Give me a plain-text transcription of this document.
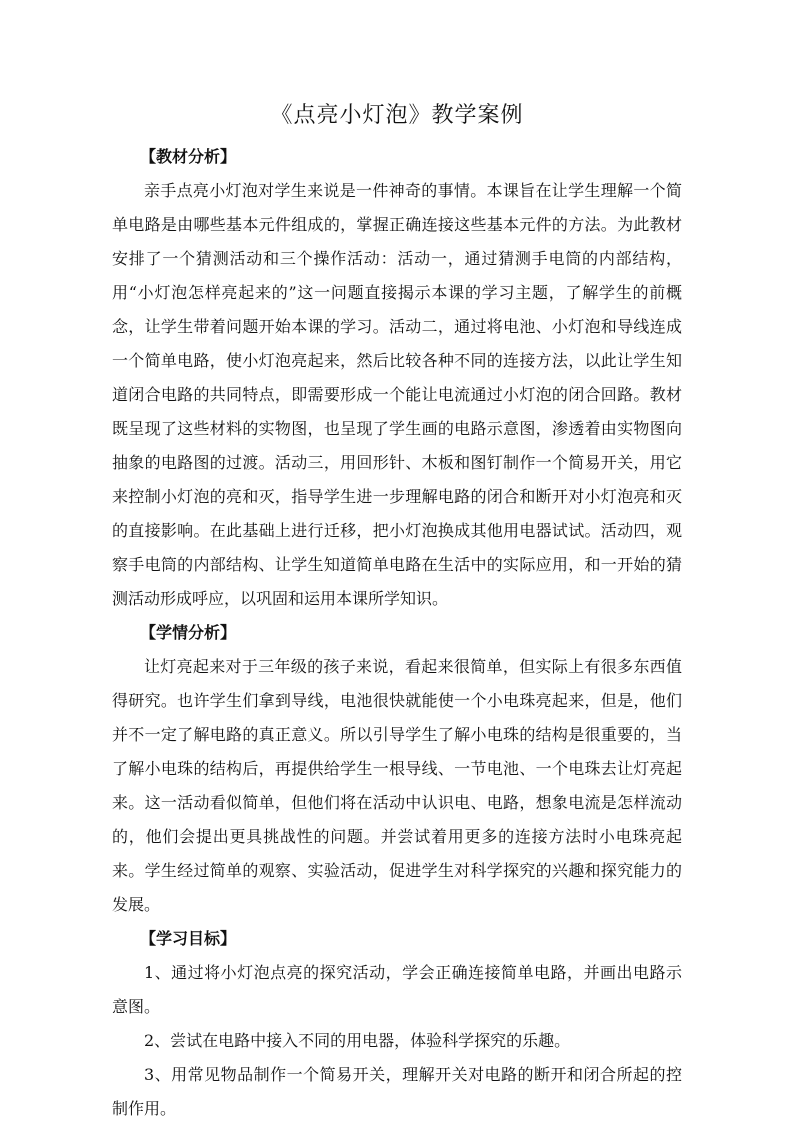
《点亮小灯泡》教学案例
【教材分析】

亲手点亮小灯泡对学生来说是一件神奇的事情。本课旨在让学生理解一个简单电路是由哪些基本元件组成的，掌握正确连接这些基本元件的方法。为此教材安排了一个猜测活动和三个操作活动：活动一，通过猜测手电筒的内部结构，用“小灯泡怎样亮起来的”这一问题直接揭示本课的学习主题，了解学生的前概念，让学生带着问题开始本课的学习。活动二，通过将电池、小灯泡和导线连成一个简单电路，使小灯泡亮起来，然后比较各种不同的连接方法，以此让学生知道闭合电路的共同特点，即需要形成一个能让电流通过小灯泡的闭合回路。教材既呈现了这些材料的实物图，也呈现了学生画的电路示意图，渗透着由实物图向抽象的电路图的过渡。活动三，用回形针、木板和图钉制作一个简易开关，用它来控制小灯泡的亮和灭，指导学生进一步理解电路的闭合和断开对小灯泡亮和灭的直接影响。在此基础上进行迁移，把小灯泡换成其他用电器试试。活动四，观察手电筒的内部结构、让学生知道简单电路在生活中的实际应用，和一开始的猜测活动形成呼应，以巩固和运用本课所学知识。

【学情分析】

让灯亮起来对于三年级的孩子来说，看起来很简单，但实际上有很多东西值得研究。也许学生们拿到导线，电池很快就能使一个小电珠亮起来，但是，他们并不一定了解电路的真正意义。所以引导学生了解小电珠的结构是很重要的，当了解小电珠的结构后，再提供给学生一根导线、一节电池、一个电珠去让灯亮起来。这一活动看似简单，但他们将在活动中认识电、电路，想象电流是怎样流动的，他们会提出更具挑战性的问题。并尝试着用更多的连接方法时小电珠亮起来。学生经过简单的观察、实验活动，促进学生对科学探究的兴趣和探究能力的发展。

【学习目标】

1、通过将小灯泡点亮的探究活动，学会正确连接简单电路，并画出电路示意图。

2、尝试在电路中接入不同的用电器，体验科学探究的乐趣。

3、用常见物品制作一个简易开关，理解开关对电路的断开和闭合所起的控制作用。
